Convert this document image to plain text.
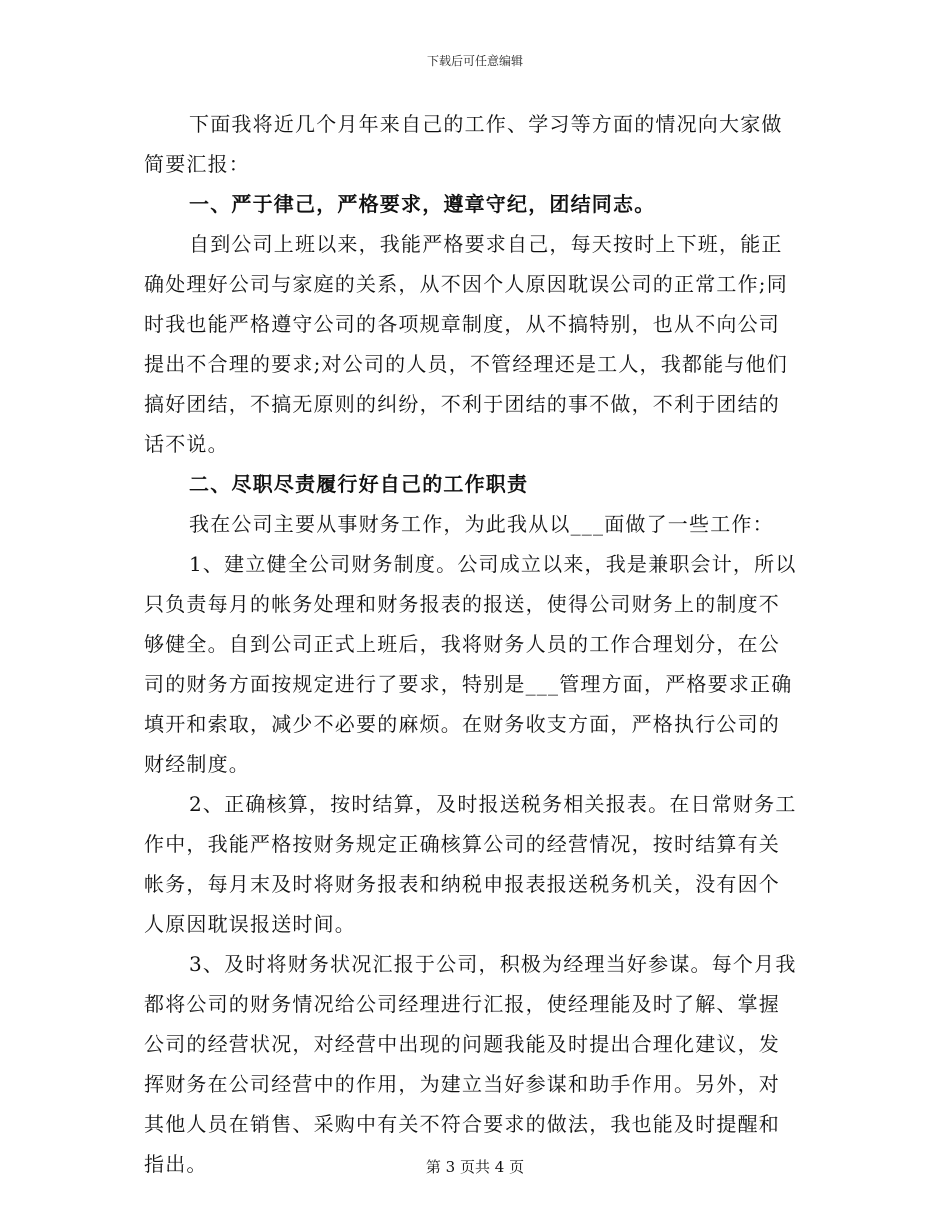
下载后可任意编辑
下面我将近几个月年来自己的工作、学习等方面的情况向大家做
简要汇报：
一、严于律己，严格要求，遵章守纪，团结同志。
自到公司上班以来，我能严格要求自己，每天按时上下班，能正
确处理好公司与家庭的关系，从不因个人原因耽误公司的正常工作;同
时我也能严格遵守公司的各项规章制度，从不搞特别，也从不向公司
提出不合理的要求;对公司的人员，不管经理还是工人，我都能与他们
搞好团结，不搞无原则的纠纷，不利于团结的事不做，不利于团结的
话不说。
二、尽职尽责履行好自己的工作职责
我在公司主要从事财务工作，为此我从以___面做了一些工作：
1、建立健全公司财务制度。公司成立以来，我是兼职会计，所以
只负责每月的帐务处理和财务报表的报送，使得公司财务上的制度不
够健全。自到公司正式上班后，我将财务人员的工作合理划分，在公
司的财务方面按规定进行了要求，特别是___管理方面，严格要求正确
填开和索取，减少不必要的麻烦。在财务收支方面，严格执行公司的
财经制度。
2、正确核算，按时结算，及时报送税务相关报表。在日常财务工
作中，我能严格按财务规定正确核算公司的经营情况，按时结算有关
帐务，每月末及时将财务报表和纳税申报表报送税务机关，没有因个
人原因耽误报送时间。
3、及时将财务状况汇报于公司，积极为经理当好参谋。每个月我
都将公司的财务情况给公司经理进行汇报，使经理能及时了解、掌握
公司的经营状况，对经营中出现的问题我能及时提出合理化建议，发
挥财务在公司经营中的作用，为建立当好参谋和助手作用。另外，对
其他人员在销售、采购中有关不符合要求的做法，我也能及时提醒和
指出。	第 3 页共 4 页
